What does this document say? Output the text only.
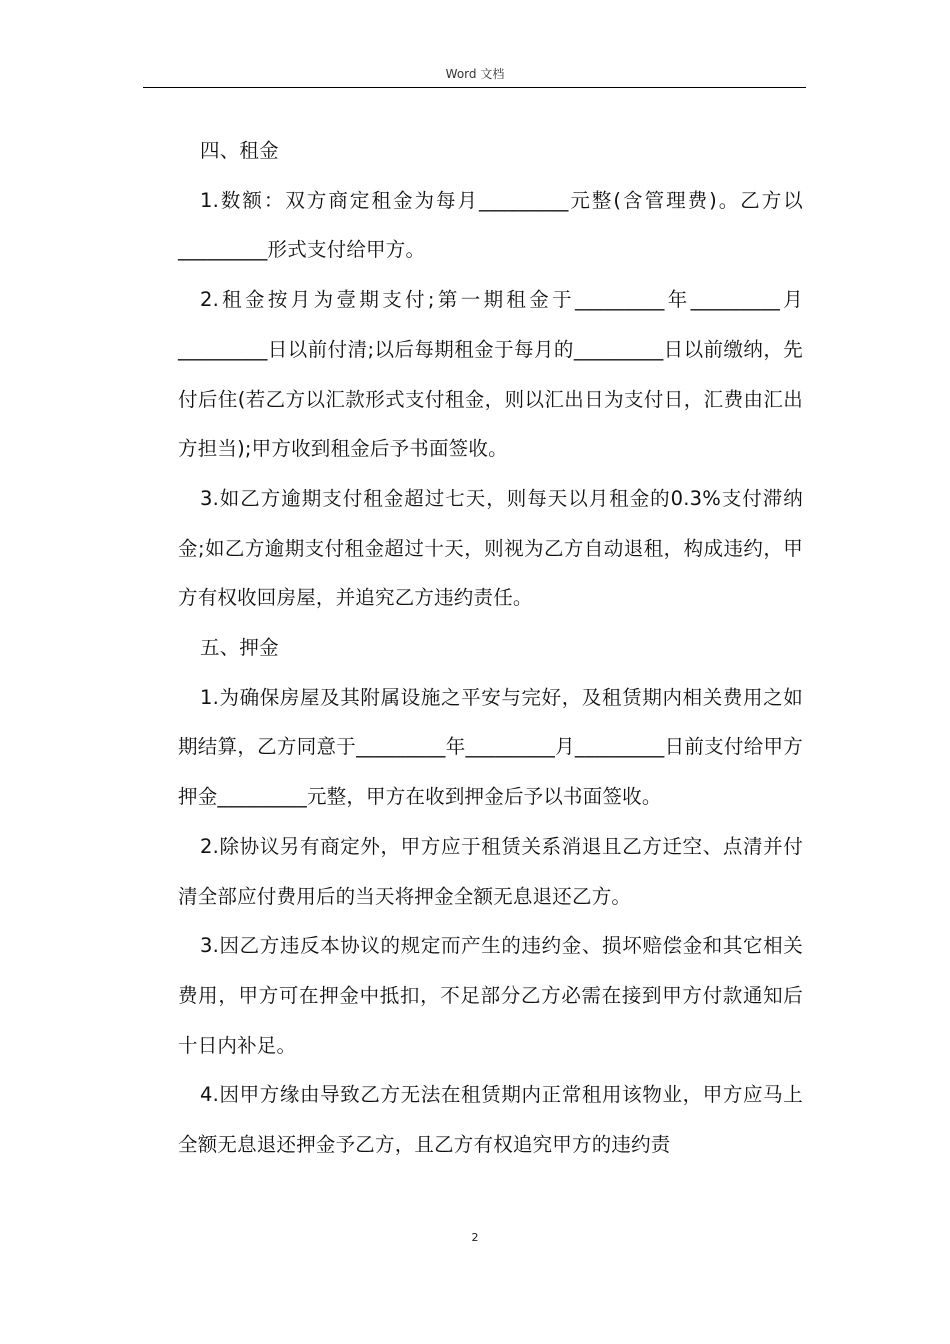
Word 文档

四、租金

1.数额：双方商定租金为每月_________元整(含管理费)。乙方以_________形式支付给甲方。

2.租金按月为壹期支付;第一期租金于_________年_________月_________日以前付清;以后每期租金于每月的_________日以前缴纳，先付后住(若乙方以汇款形式支付租金，则以汇出日为支付日，汇费由汇出方担当);甲方收到租金后予书面签收。

3.如乙方逾期支付租金超过七天，则每天以月租金的0.3%支付滞纳金;如乙方逾期支付租金超过十天，则视为乙方自动退租，构成违约，甲方有权收回房屋，并追究乙方违约责任。

五、押金

1.为确保房屋及其附属设施之平安与完好，及租赁期内相关费用之如期结算，乙方同意于_________年_________月_________日前支付给甲方押金_________元整，甲方在收到押金后予以书面签收。

2.除协议另有商定外，甲方应于租赁关系消退且乙方迁空、点清并付清全部应付费用后的当天将押金全额无息退还乙方。

3.因乙方违反本协议的规定而产生的违约金、损坏赔偿金和其它相关费用，甲方可在押金中抵扣，不足部分乙方必需在接到甲方付款通知后十日内补足。

4.因甲方缘由导致乙方无法在租赁期内正常租用该物业，甲方应马上全额无息退还押金予乙方，且乙方有权追究甲方的违约责

2
